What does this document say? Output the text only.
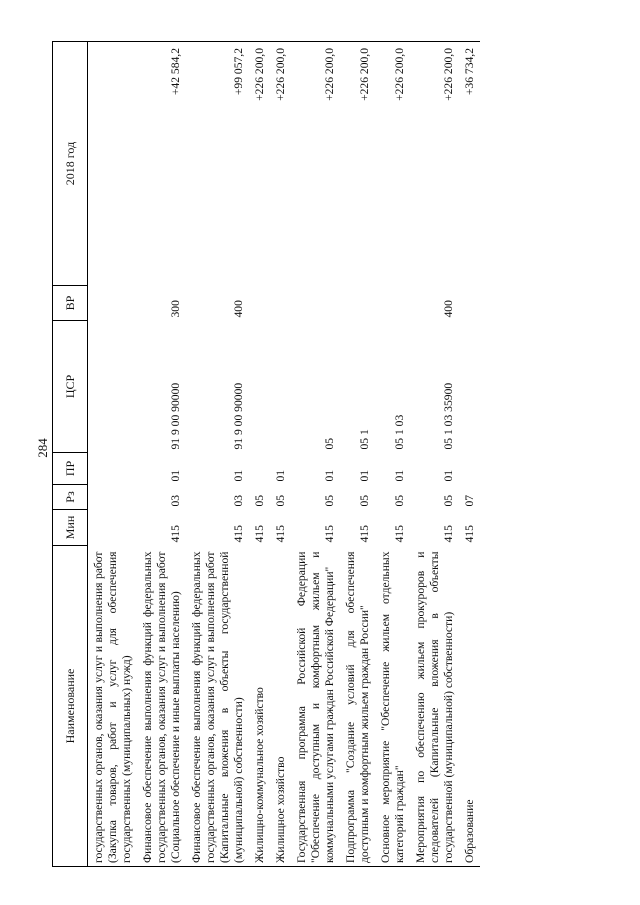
284
Наименование	Мин	Рз	ПР	ЦСР	ВР	2018 год
государственных органов, оказания услуг и выполнения работ (Закупка товаров, работ и услуг для обеспечения государственных (муниципальных) нужд)						
Финансовое обеспечение выполнения функций федеральных государственных органов, оказания услуг и выполнения работ (Социальное обеспечение и иные выплаты населению)	415	03	01	91 9 00 90000	300	+42 584,2
Финансовое обеспечение выполнения функций федеральных государственных органов, оказания услуг и выполнения работ (Капитальные вложения в объекты государственной (муниципальной) собственности)	415	03	01	91 9 00 90000	400	+99 057,2
Жилищно-коммунальное хозяйство	415	05				+226 200,0
Жилищное хозяйство	415	05	01			+226 200,0
Государственная программа Российской Федерации "Обеспечение доступным и комфортным жильем и коммунальными услугами граждан Российской Федерации"	415	05	01	05		+226 200,0
Подпрограмма "Создание условий для обеспечения доступным и комфортным жильем граждан России"	415	05	01	05 1		+226 200,0
Основное мероприятие "Обеспечение жильем отдельных категорий граждан"	415	05	01	05 1 03		+226 200,0
Мероприятия по обеспечению жильем прокуроров и следователей (Капитальные вложения в объекты государственной (муниципальной) собственности)	415	05	01	05 1 03 35900	400	+226 200,0
Образование	415	07				+36 734,2
